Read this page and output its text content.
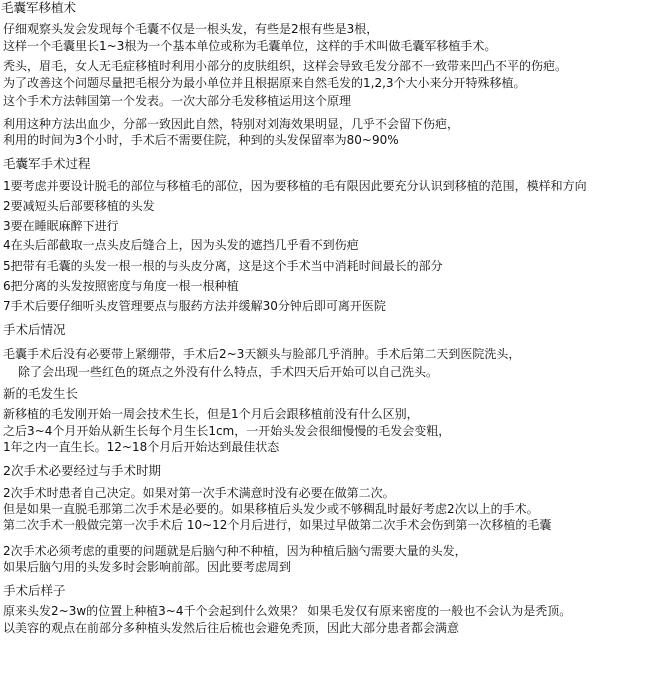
毛囊军移植术
仔细观察头发会发现每个毛囊不仅是一根头发，有些是2根有些是3根，
这样一个毛囊里长1~3根为一个基本单位或称为毛囊单位，这样的手术叫做毛囊军移植手术。
秃头，眉毛，女人无毛症移植时利用小部分的皮肤组织，这样会导致毛发分部不一致带来凹凸不平的伤疤。
为了改善这个问题尽量把毛根分为最小单位并且根据原来自然毛发的1,2,3个大小来分开特殊移植。
这个手术方法韩国第一个发表。一次大部分毛发移植运用这个原理
利用这种方法出血少，分部一致因此自然，特别对刘海效果明显，几乎不会留下伤疤，
利用的时间为3个小时，手术后不需要住院，种到的头发保留率为80~90%
毛囊军手术过程
1要考虑并要设计脱毛的部位与移植毛的部位，因为要移植的毛有限因此要充分认识到移植的范围，模样和方向
2要减短头后部要移植的头发
3要在睡眠麻醉下进行
4在头后部截取一点头皮后缝合上，因为头发的遮挡几乎看不到伤疤
5把带有毛囊的头发一根一根的与头皮分离，这是这个手术当中消耗时间最长的部分
6把分离的头发按照密度与角度一根一根种植
7手术后要仔细听头皮管理要点与服药方法并缓解30分钟后即可离开医院
手术后情况
毛囊手术后没有必要带上紧绷带，手术后2~3天额头与脸部几乎消肿。手术后第二天到医院洗头，
除了会出现一些红色的斑点之外没有什么特点，手术四天后开始可以自己洗头。
新的毛发生长
新移植的毛发刚开始一周会技术生长，但是1个月后会跟移植前没有什么区别，
之后3~4个月开始从新生长每个月生长1cm，一开始头发会很细慢慢的毛发会变粗，
1年之内一直生长。12~18个月后开始达到最佳状态
2次手术必要经过与手术时期
2次手术时患者自己决定。如果对第一次手术满意时没有必要在做第二次。
但是如果一直脱毛那第二次手术是必要的。如果移植后头发少或不够稠乱时最好考虑2次以上的手术。
第二次手术一般做完第一次手术后 10~12个月后进行，如果过早做第二次手术会伤到第一次移植的毛囊
2次手术必须考虑的重要的问题就是后脑勺种不种植，因为种植后脑勺需要大量的头发，
如果后脑勺用的头发多时会影响前部。因此要考虑周到
手术后样子
原来头发2~3w的位置上种植3~4千个会起到什么效果？ 如果毛发仅有原来密度的一般也不会认为是秃顶。
以美容的观点在前部分多种植头发然后往后梳也会避免秃顶，因此大部分患者都会满意
